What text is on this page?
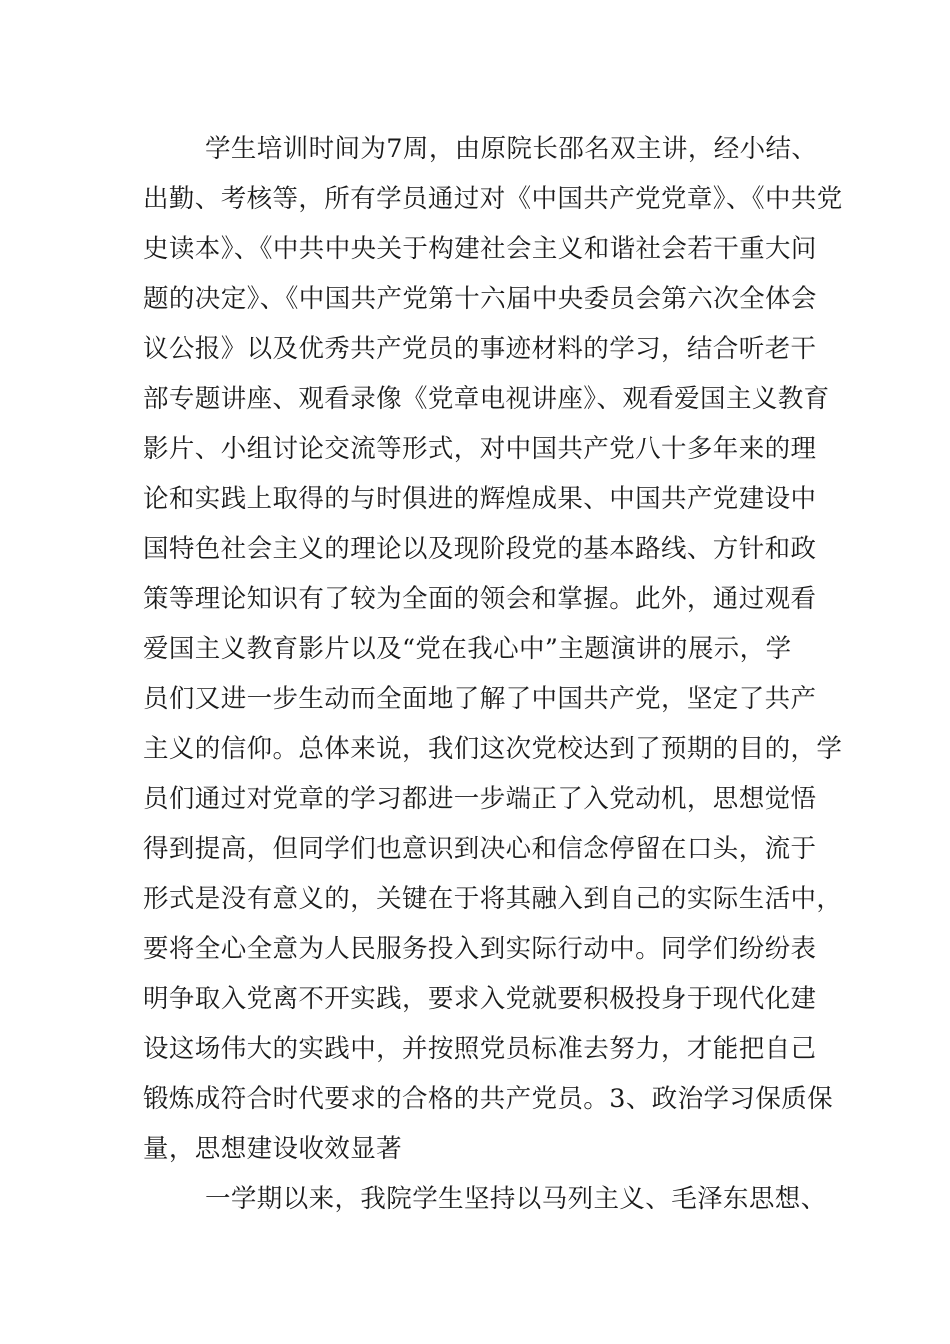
学生培训时间为7周，由原院长邵名双主讲，经小结、
出勤、考核等，所有学员通过对《中国共产党党章》、《中共党
史读本》、《中共中央关于构建社会主义和谐社会若干重大问
题的决定》、《中国共产党第十六届中央委员会第六次全体会
议公报》以及优秀共产党员的事迹材料的学习，结合听老干
部专题讲座、观看录像《党章电视讲座》、观看爱国主义教育
影片、小组讨论交流等形式，对中国共产党八十多年来的理
论和实践上取得的与时俱进的辉煌成果、中国共产党建设中
国特色社会主义的理论以及现阶段党的基本路线、方针和政
策等理论知识有了较为全面的领会和掌握。此外，通过观看
爱国主义教育影片以及“党在我心中”主题演讲的展示，学
员们又进一步生动而全面地了解了中国共产党，坚定了共产
主义的信仰。总体来说，我们这次党校达到了预期的目的，学
员们通过对党章的学习都进一步端正了入党动机，思想觉悟
得到提高，但同学们也意识到决心和信念停留在口头，流于
形式是没有意义的，关键在于将其融入到自己的实际生活中，
要将全心全意为人民服务投入到实际行动中。同学们纷纷表
明争取入党离不开实践，要求入党就要积极投身于现代化建
设这场伟大的实践中，并按照党员标准去努力，才能把自己
锻炼成符合时代要求的合格的共产党员。3、政治学习保质保
量，思想建设收效显著
一学期以来，我院学生坚持以马列主义、毛泽东思想、
